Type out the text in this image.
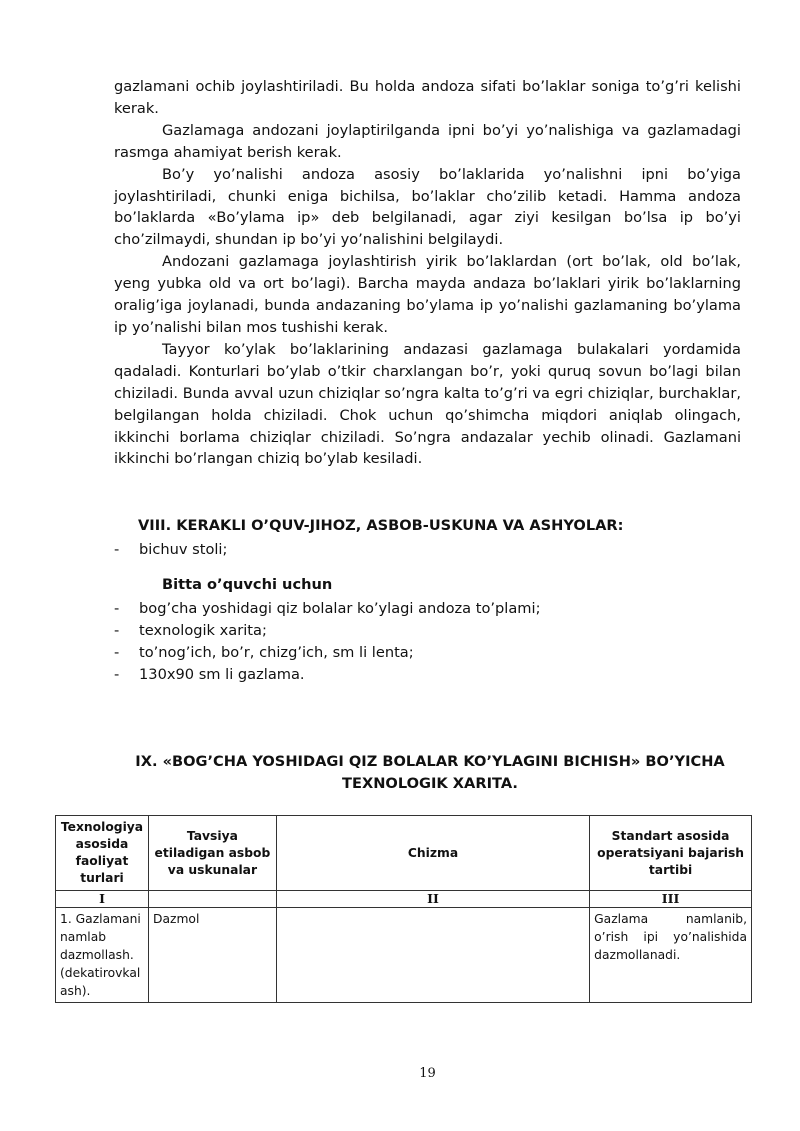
gazlamani ochib joylashtiriladi. Bu holda andoza sifati bo’laklar soniga to’g’ri kelishi kerak.

Gazlamaga andozani joylaptirilganda ipni bo’yi yo’nalishiga va gazlamadagi rasmga ahamiyat berish kerak.

Bo’y yo’nalishi andoza asosiy bo’laklarida yo’nalishni ipni bo’yiga joylashtiriladi, chunki eniga bichilsa, bo’laklar cho’zilib ketadi. Hamma andoza bo’laklarda «Bo’ylama ip» deb belgilanadi, agar ziyi kesilgan bo’lsa ip bo’yi cho’zilmaydi, shundan ip bo’yi yo’nalishini belgilaydi.

Andozani gazlamaga joylashtirish yirik bo’laklardan (ort bo’lak, old bo’lak, yeng yubka old va ort bo’lagi). Barcha mayda andaza bo’laklari yirik bo’laklarning oralig’iga joylanadi, bunda andazaning bo’ylama ip yo’nalishi gazlamaning bo’ylama ip yo’nalishi bilan mos tushishi kerak.

Tayyor ko’ylak bo’laklarining andazasi gazlamaga bulakalari yordamida qadaladi. Konturlari bo’ylab o’tkir charxlangan bo’r, yoki quruq sovun bo’lagi bilan chiziladi. Bunda avval uzun chiziqlar so’ngra kalta to’g’ri va egri chiziqlar, burchaklar, belgilangan holda chiziladi. Chok uchun qo’shimcha miqdori aniqlab olingach, ikkinchi borlama chiziqlar chiziladi. So’ngra andazalar yechib olinadi. Gazlamani ikkinchi bo’rlangan chiziq bo’ylab kesiladi.

VIII. KERAKLI O’QUV-JIHOZ, ASBOB-USKUNA VA ASHYOLAR:
- bichuv stoli;
Bitta o’quvchi uchun
- bog’cha yoshidagi qiz bolalar ko’ylagi andoza to’plami;
- texnologik xarita;
- to’nog’ich, bo’r, chizg’ich, sm li lenta;
- 130x90 sm li gazlama.
IX. «BOG’CHA YOSHIDAGI QIZ BOLALAR KO’YLAGINI BICHISH» BO’YICHA
TEXNOLOGIK XARITA.
Texnologiya asosida faoliyat turlari	Tavsiya etiladigan asbob va uskunalar	Chizma	Standart asosida operatsiyani bajarish tartibi
I		II	III
1. Gazlamani namlab dazmollash. (dekatirovkal ash).	Dazmol		Gazlama namlanib, o’rish ipi yo’nalishida dazmollanadi.
19
